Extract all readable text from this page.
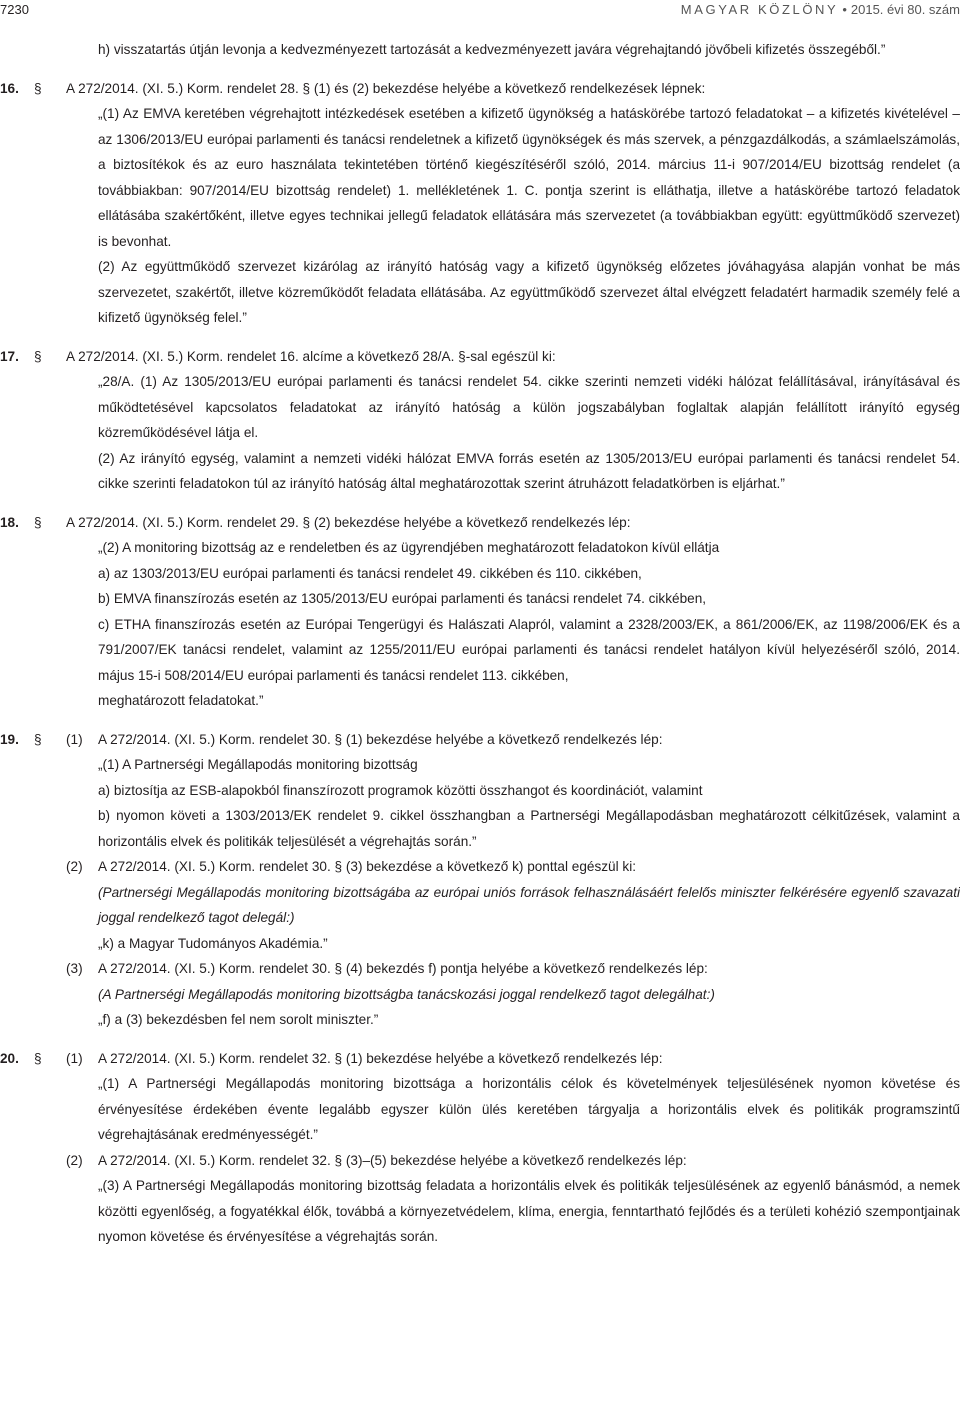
7230	MAGYAR KÖZLÖNY • 2015. évi 80. szám
h) visszatartás útján levonja a kedvezményezett tartozását a kedvezményezett javára végrehajtandó jövőbeli kifizetés összegéből.”
16.	§	A 272/2014. (XI. 5.) Korm. rendelet 28. § (1) és (2) bekezdése helyébe a következő rendelkezések lépnek:
„(1) Az EMVA keretében végrehajtott intézkedések esetében a kifizető ügynökség a hatáskörébe tartozó feladatokat – a kifizetés kivételével – az 1306/2013/EU európai parlamenti és tanácsi rendeletnek a kifizető ügynökségek és más szervek, a pénzgazdálkodás, a számlaelszámolás, a biztosítékok és az euro használata tekintetében történő kiegészítéséről szóló, 2014. március 11-i 907/2014/EU bizottság rendelet (a továbbiakban: 907/2014/EU bizottság rendelet) 1. mellékletének 1. C. pontja szerint is elláthatja, illetve a hatáskörébe tartozó feladatok ellátásába szakértőként, illetve egyes technikai jellegű feladatok ellátására más szervezetet (a továbbiakban együtt: együttműködő szervezet) is bevonhat.
(2) Az együttműködő szervezet kizárólag az irányító hatóság vagy a kifizető ügynökség előzetes jóváhagyása alapján vonhat be más szervezetet, szakértőt, illetve közreműködőt feladata ellátásába. Az együttműködő szervezet által elvégzett feladatért harmadik személy felé a kifizető ügynökség felel.”
17.	§	A 272/2014. (XI. 5.) Korm. rendelet 16. alcíme a következő 28/A. §-sal egészül ki:
„28/A. (1) Az 1305/2013/EU európai parlamenti és tanácsi rendelet 54. cikke szerinti nemzeti vidéki hálózat felállításával, irányításával és működtetésével kapcsolatos feladatokat az irányító hatóság a külön jogszabályban foglaltak alapján felállított irányító egység közreműködésével látja el.
(2) Az irányító egység, valamint a nemzeti vidéki hálózat EMVA forrás esetén az 1305/2013/EU európai parlamenti és tanácsi rendelet 54. cikke szerinti feladatokon túl az irányító hatóság által meghatározottak szerint átruházott feladatkörben is eljárhat.”
18.	§	A 272/2014. (XI. 5.) Korm. rendelet 29. § (2) bekezdése helyébe a következő rendelkezés lép:
„(2) A monitoring bizottság az e rendeletben és az ügyrendjében meghatározott feladatokon kívül ellátja
a) az 1303/2013/EU európai parlamenti és tanácsi rendelet 49. cikkében és 110. cikkében,
b) EMVA finanszírozás esetén az 1305/2013/EU európai parlamenti és tanácsi rendelet 74. cikkében,
c) ETHA finanszírozás esetén az Európai Tengerügyi és Halászati Alapról, valamint a 2328/2003/EK, a 861/2006/EK, az 1198/2006/EK és a 791/2007/EK tanácsi rendelet, valamint az 1255/2011/EU európai parlamenti és tanácsi rendelet hatályon kívül helyezéséről szóló, 2014. május 15-i 508/2014/EU európai parlamenti és tanácsi rendelet 113. cikkében,
meghatározott feladatokat.”
19.	§	(1)	A 272/2014. (XI. 5.) Korm. rendelet 30. § (1) bekezdése helyébe a következő rendelkezés lép:
„(1) A Partnerségi Megállapodás monitoring bizottság
a) biztosítja az ESB-alapokból finanszírozott programok közötti összhangot és koordinációt, valamint
b) nyomon követi a 1303/2013/EK rendelet 9. cikkel összhangban a Partnerségi Megállapodásban meghatározott célkitűzések, valamint a horizontális elvek és politikák teljesülését a végrehajtás során.”
(2)	A 272/2014. (XI. 5.) Korm. rendelet 30. § (3) bekezdése a következő k) ponttal egészül ki:
(Partnerségi Megállapodás monitoring bizottságába az európai uniós források felhasználásáért felelős miniszter felkérésére egyenlő szavazati joggal rendelkező tagot delegál:)
„k) a Magyar Tudományos Akadémia.”
(3)	A 272/2014. (XI. 5.) Korm. rendelet 30. § (4) bekezdés f) pontja helyébe a következő rendelkezés lép:
(A Partnerségi Megállapodás monitoring bizottságba tanácskozási joggal rendelkező tagot delegálhat:)
„f) a (3) bekezdésben fel nem sorolt miniszter.”
20.	§	(1)	A 272/2014. (XI. 5.) Korm. rendelet 32. § (1) bekezdése helyébe a következő rendelkezés lép:
„(1) A Partnerségi Megállapodás monitoring bizottsága a horizontális célok és követelmények teljesülésének nyomon követése és érvényesítése érdekében évente legalább egyszer külön ülés keretében tárgyalja a horizontális elvek és politikák programszintű végrehajtásának eredményességét.”
(2)	A 272/2014. (XI. 5.) Korm. rendelet 32. § (3)–(5) bekezdése helyébe a következő rendelkezés lép:
„(3) A Partnerségi Megállapodás monitoring bizottság feladata a horizontális elvek és politikák teljesülésének az egyenlő bánásmód, a nemek közötti egyenlőség, a fogyatékkal élők, továbbá a környezetvédelem, klíma, energia, fenntartható fejlődés és a területi kohézió szempontjainak nyomon követése és érvényesítése a végrehajtás során.
